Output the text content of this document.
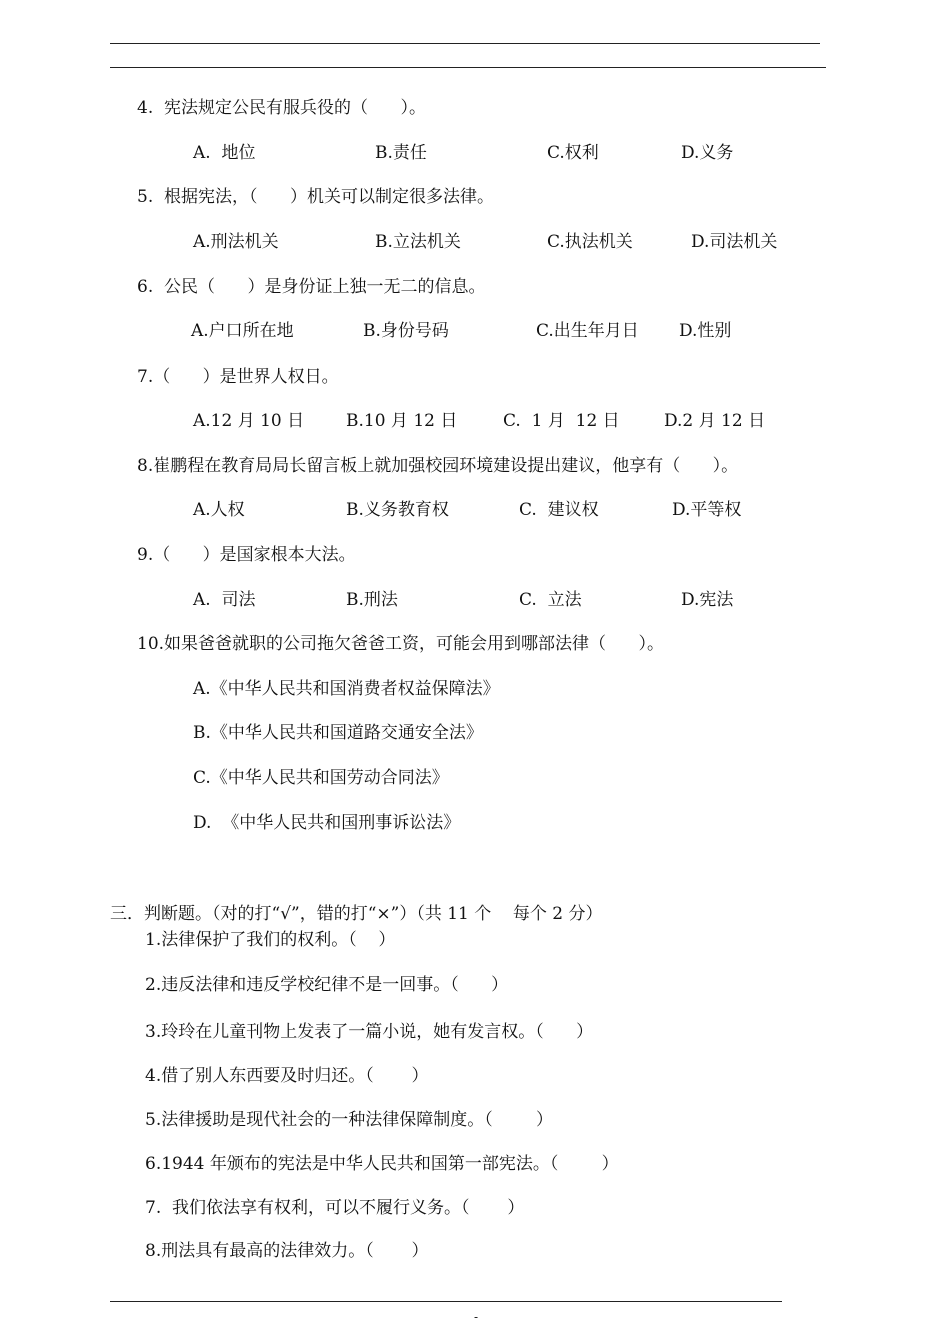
4.  宪法规定公民有服兵役的（      ）。
A.  地位	B.责任	C.权利	D.义务
5.  根据宪法，（      ）机关可以制定很多法律。
A.刑法机关	B.立法机关	C.执法机关	D.司法机关
6.  公民（      ）是身份证上独一无二的信息。
A.户口所在地	B.身份号码	C.出生年月日 D.性别
7.（      ）是世界人权日。
A.12 月 10 日 B.10 月 12 日	C.  1 月  12 日	D.2 月 12 日
8.崔鹏程在教育局局长留言板上就加强校园环境建设提出建议，他享有（      ）。
A.人权	B.义务教育权	C.  建议权	D.平等权
9.（      ）是国家根本大法。
A.  司法	B.刑法	C.  立法	D.宪法
10.如果爸爸就职的公司拖欠爸爸工资，可能会用到哪部法律（      ）。
A.《中华人民共和国消费者权益保障法》
B.《中华人民共和国道路交通安全法》
C.《中华人民共和国劳动合同法》
D.  《中华人民共和国刑事诉讼法》
三．判断题。（对的打“√”，错的打“×”）（共 11 个    每个 2 分）
1.法律保护了我们的权利。（    ）
2.违反法律和违反学校纪律不是一回事。（      ）
3.玲玲在儿童刊物上发表了一篇小说，她有发言权。（      ）
4.借了别人东西要及时归还。（       ）
5.法律援助是现代社会的一种法律保障制度。（        ）
6.1944 年颁布的宪法是中华人民共和国第一部宪法。（        ）
7.  我们依法享有权利，可以不履行义务。（       ）
8.刑法具有最高的法律效力。（       ）
-
